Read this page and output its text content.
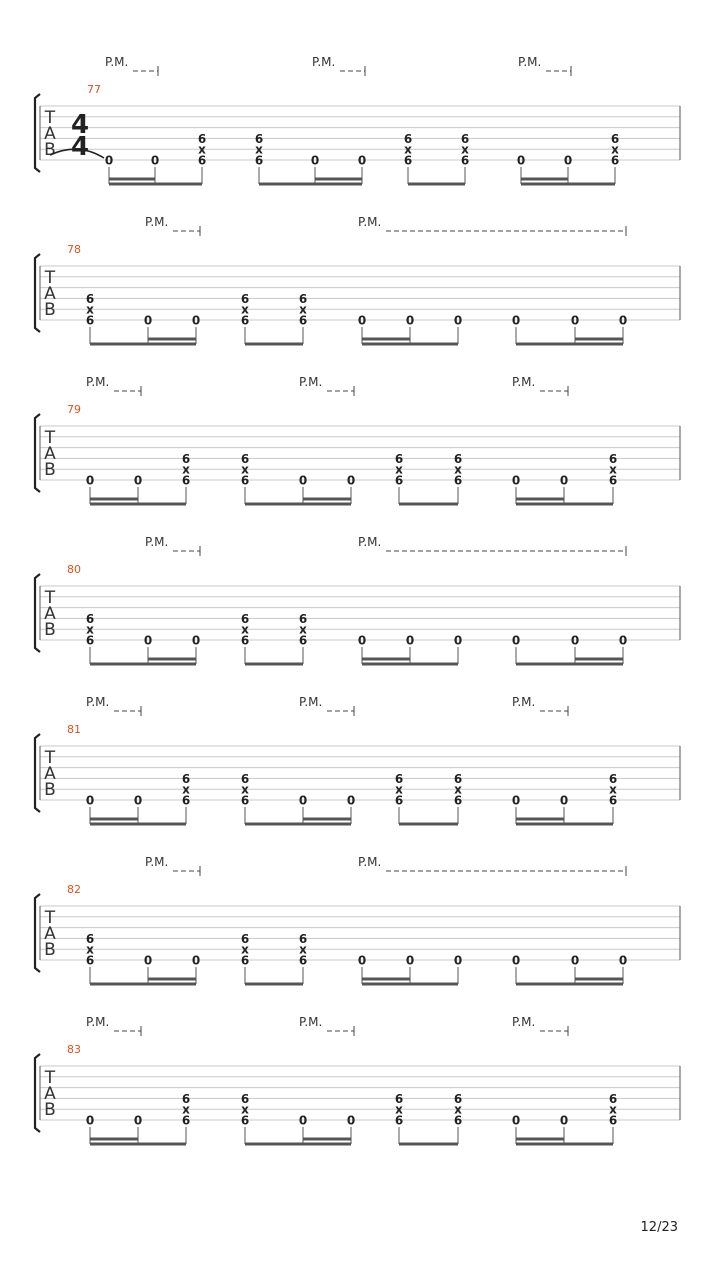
T
A
B
77
4
4
P.M.	P.M.	P.M.
0	0
6
x
6
6
x
6	0	0
6
x
6
6
x
6	0	0
6
x
6
T
A
B
78
P.M.	P.M.
6
x
6	0	0
6
x
6
6
x
6	0	0	0	0	0	0
T
A
B
79
P.M.	P.M.	P.M.
0	0
6
x
6
6
x
6	0	0
6
x
6
6
x
6	0	0
6
x
6
T
A
B
80
P.M.	P.M.
6
x
6	0	0
6
x
6
6
x
6	0	0	0	0	0	0
T
A
B
81
P.M.	P.M.	P.M.
0	0
6
x
6
6
x
6	0	0
6
x
6
6
x
6	0	0
6
x
6
T
A
B
82
P.M.	P.M.
6
x
6	0	0
6
x
6
6
x
6	0	0	0	0	0	0
T
A
B
83
P.M.	P.M.	P.M.
0	0
6
x
6
6
x
6	0	0
6
x
6
6
x
6	0	0
6
x
6
12/23
